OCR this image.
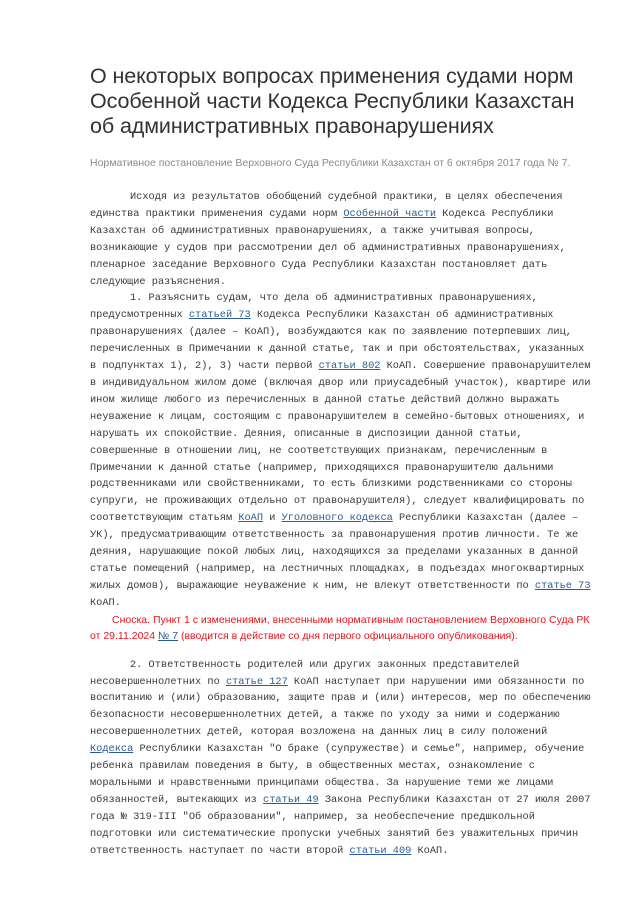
О некоторых вопросах применения судами норм Особенной части Кодекса Республики Казахстан об административных правонарушениях

Нормативное постановление Верховного Суда Республики Казахстан от 6 октября 2017 года № 7.

Исходя из результатов обобщений судебной практики, в целях обеспечения единства практики применения судами норм Особенной части Кодекса Республики Казахстан об административных правонарушениях, а также учитывая вопросы, возникающие у судов при рассмотрении дел об административных правонарушениях, пленарное заседание Верховного Суда Республики Казахстан постановляет дать следующие разъяснения.

1. Разъяснить судам, что дела об административных правонарушениях, предусмотренных статьей 73 Кодекса Республики Казахстан об административных правонарушениях (далее – КоАП), возбуждаются как по заявлению потерпевших лиц, перечисленных в Примечании к данной статье, так и при обстоятельствах, указанных в подпунктах 1), 2), 3) части первой статьи 802 КоАП. Совершение правонарушителем в индивидуальном жилом доме (включая двор или приусадебный участок), квартире или ином жилище любого из перечисленных в данной статье действий должно выражать неуважение к лицам, состоящим с правонарушителем в семейно-бытовых отношениях, и нарушать их спокойствие. Деяния, описанные в диспозиции данной статьи, совершенные в отношении лиц, не соответствующих признакам, перечисленным в Примечании к данной статье (например, приходящихся правонарушителю дальними родственниками или свойственниками, то есть близкими родственниками со стороны супруги, не проживающих отдельно от правонарушителя), следует квалифицировать по соответствующим статьям КоАП и Уголовного кодекса Республики Казахстан (далее – УК), предусматривающим ответственность за правонарушения против личности. Те же деяния, нарушающие покой любых лиц, находящихся за пределами указанных в данной статье помещений (например, на лестничных площадках, в подъездах многоквартирных жилых домов), выражающие неуважение к ним, не влекут ответственности по статье 73 КоАП.

Сноска. Пункт 1 с изменениями, внесенными нормативным постановлением Верховного Суда РК от 29.11.2024 № 7 (вводится в действие со дня первого официального опубликования).

2. Ответственность родителей или других законных представителей несовершеннолетних по статье 127 КоАП наступает при нарушении ими обязанности по воспитанию и (или) образованию, защите прав и (или) интересов, мер по обеспечению безопасности несовершеннолетних детей, а также по уходу за ними и содержанию несовершеннолетних детей, которая возложена на данных лиц в силу положений Кодекса Республики Казахстан "О браке (супружестве) и семье", например, обучение ребенка правилам поведения в быту, в общественных местах, ознакомление с моральными и нравственными принципами общества. За нарушение теми же лицами обязанностей, вытекающих из статьи 49 Закона Республики Казахстан от 27 июля 2007 года № 319-III "Об образовании", например, за необеспечение предшкольной подготовки или систематические пропуски учебных занятий без уважительных причин ответственность наступает по части второй статьи 409 КоАП.
